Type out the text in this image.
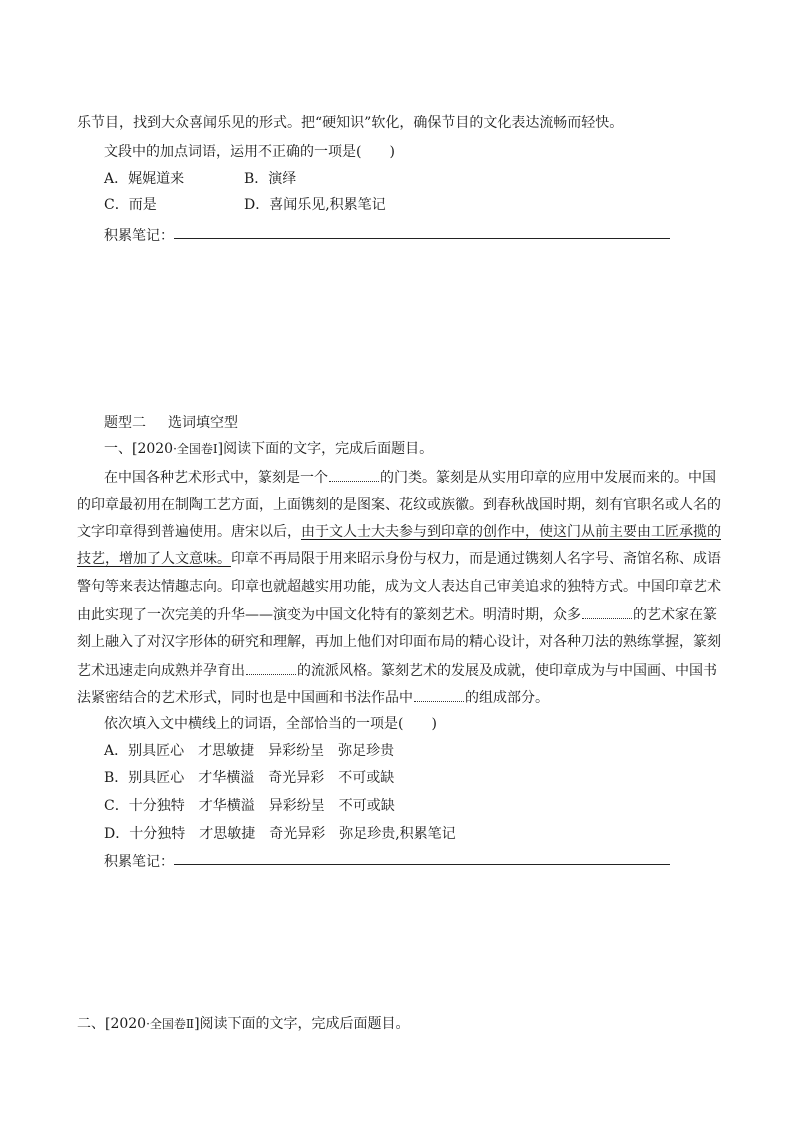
乐节目，找到大众喜闻乐见的形式。把“硬知识”软化，确保节目的文化表达流畅而轻快。
文段中的加点词语，运用不正确的一项是(　　)
A．娓娓道来	B．演绎
C．而是	D．喜闻乐见,积累笔记
积累笔记：
题型二 选词填空型
一、[2020·全国卷Ⅰ]阅读下面的文字，完成后面题目。
在中国各种艺术形式中，篆刻是一个	的门类。篆刻是从实用印章的应用中发展而来的。中国
的印章最初用在制陶工艺方面，上面镌刻的是图案、花纹或族徽。到春秋战国时期，刻有官职名或人名的
文字印章得到普遍使用。唐宋以后，由于文人士大夫参与到印章的创作中，使这门从前主要由工匠承揽的
技艺，增加了人文意味。印章不再局限于用来昭示身份与权力，而是通过镌刻人名字号、斋馆名称、成语
警句等来表达情趣志向。印章也就超越实用功能，成为文人表达自己审美追求的独特方式。中国印章艺术
由此实现了一次完美的升华——演变为中国文化特有的篆刻艺术。明清时期，众多	的艺术家在篆
刻上融入了对汉字形体的研究和理解，再加上他们对印面布局的精心设计，对各种刀法的熟练掌握，篆刻
艺术迅速走向成熟并孕育出	的流派风格。篆刻艺术的发展及成就，使印章成为与中国画、中国书
法紧密结合的艺术形式，同时也是中国画和书法作品中	的组成部分。
依次填入文中横线上的词语，全部恰当的一项是(　　)
A．别具匠心　才思敏捷　异彩纷呈　弥足珍贵
B．别具匠心　才华横溢　奇光异彩　不可或缺
C．十分独特　才华横溢　异彩纷呈　不可或缺
D．十分独特　才思敏捷　奇光异彩　弥足珍贵,积累笔记
积累笔记：
二、[2020·全国卷Ⅱ]阅读下面的文字，完成后面题目。
